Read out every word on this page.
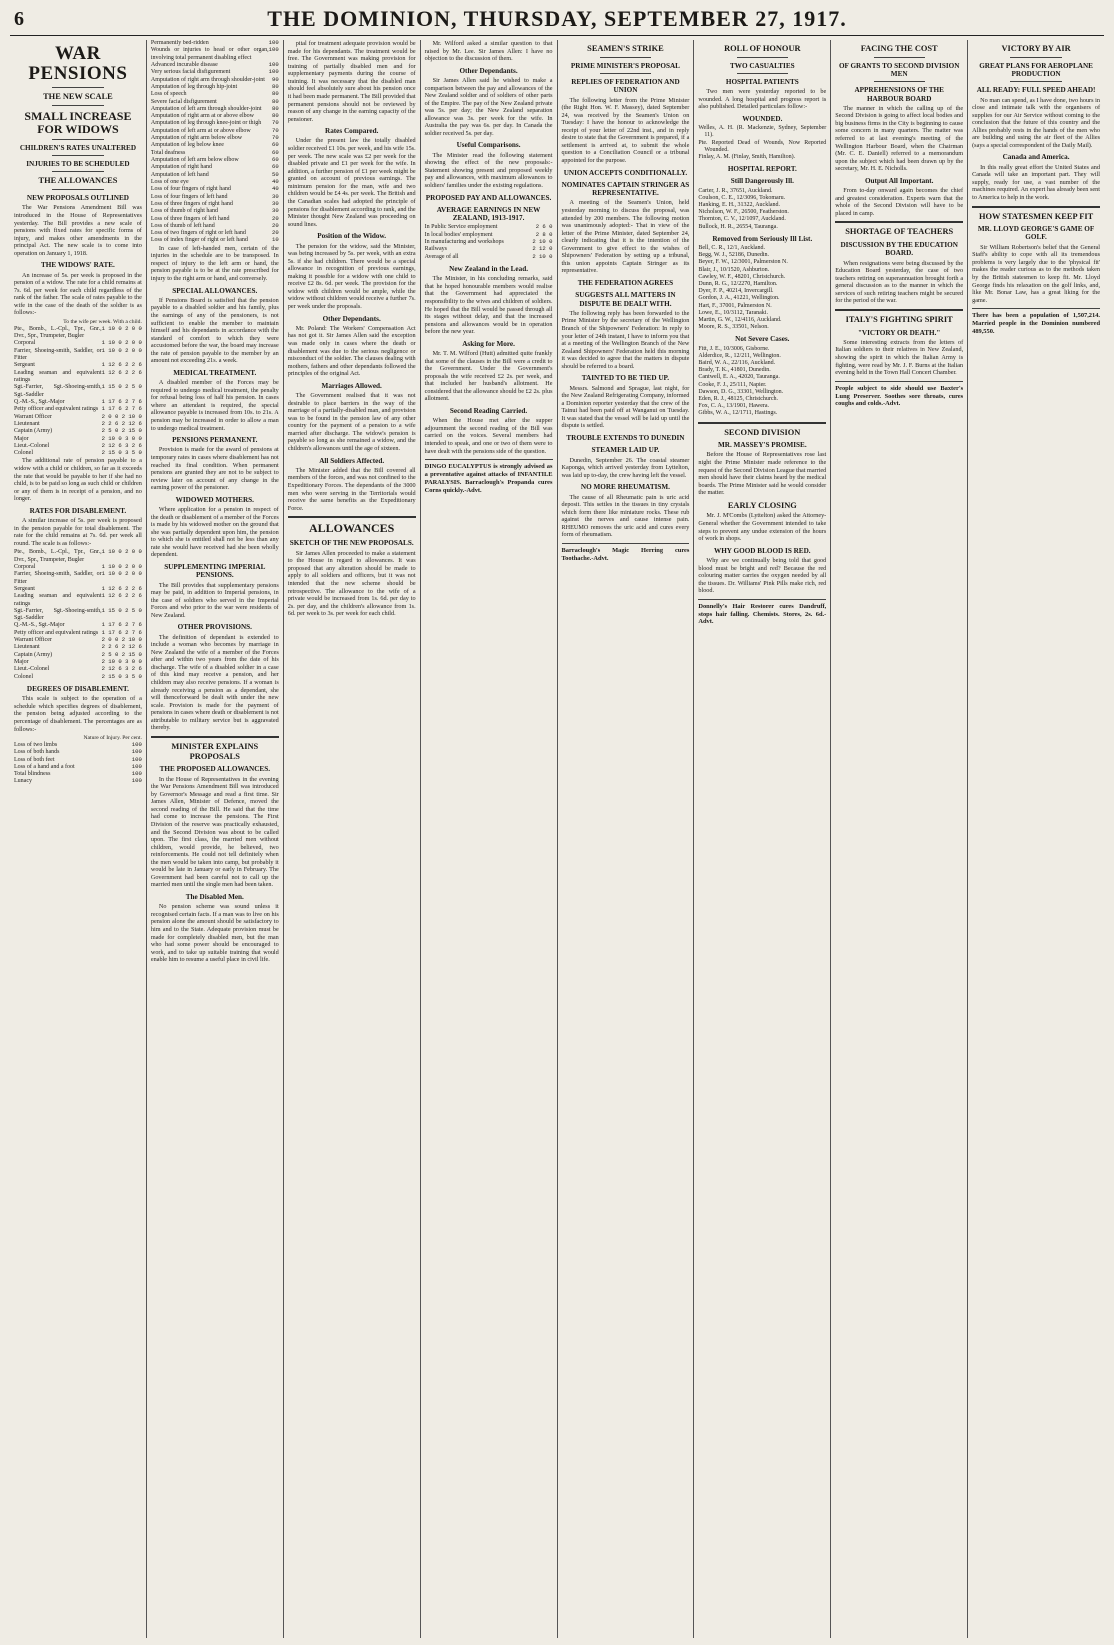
6	THE DOMINION, THURSDAY, SEPTEMBER 27, 1917.
WAR PENSIONS
THE NEW SCALE
SMALL INCREASE FOR WIDOWS
CHILDREN'S RATES UNALTERED
INJURIES TO BE SCHEDULED
THE ALLOWANCES
NEW PROPOSALS OUTLINED

The War Pensions Amendment Bill was introduced in the House of Representatives yesterday. The Bill provides a new scale of pensions with fixed rates for specific forms of injury, and makes other amendments in the principal Act. The new scale is to come into operation on January 1, 1918.

THE WIDOWS' RATE.

An increase of 5s. per week is proposed in the pension of a widow. The rate for a child remains at 7s. 6d. per week for each child regardless of the rank of the father. The scale of rates payable to the wife in the case of the death of the soldier is as follows:-

To the wife per week. With a child.
Pte., Bomb., L.-Cpl., Tpr., Gnr., Dvr., Spr., Trumpeter, Bugler	1 10 0 2 0 0
Corporal	1 10 0 2 0 0
Farrier, Shoeing-smith, Saddler, or Fitter	1 10 0 2 0 0
Sergeant	1 12 6 2 2 6
Leading seaman and equivalent ratings	1 12 6 2 2 6
Sgt.-Farrier, Sgt.-Shoeing-smith, Sgt.-Saddler	1 15 0 2 5 0
Q.-M.-S., Sgt.-Major	1 17 6 2 7 6
Petty officer and equivalent ratings	1 17 6 2 7 6
Warrant Officer	2 0 0 2 10 0
Lieutenant	2 2 6 2 12 6
Captain (Army)	2 5 0 2 15 0
Major	2 10 0 3 0 0
Lieut.-Colonel	2 12 6 3 2 6
Colonel	2 15 0 3 5 0

The additional rate of pension payable to a widow with a child or children, so far as it exceeds the rate that would be payable to her if she had no child, is to be paid so long as such child or children or any of them is in receipt of a pension, and no longer.

RATES FOR DISABLEMENT.

A similar increase of 5s. per week is proposed in the pension payable for total disablement. The rate for the child remains at 7s. 6d. per week all round. The scale is as follows:-

Pte., Bomb., L.-Cpl., Tpr., Gnr., Dvr., Spr., Trumpeter, Bugler	1 10 0 2 0 0
Corporal	1 10 0 2 0 0
Farrier, Shoeing-smith, Saddler, or Fitter	1 10 0 2 0 0
Sergeant	1 12 6 2 2 6
Leading seaman and equivalent ratings	1 12 6 2 2 6
Sgt.-Farrier, Sgt.-Shoeing-smith, Sgt.-Saddler	1 15 0 2 5 0
Q.-M.-S., Sgt.-Major	1 17 6 2 7 6
Petty officer and equivalent ratings	1 17 6 2 7 6
Warrant Officer	2 0 0 2 10 0
Lieutenant	2 2 6 2 12 6
Captain (Army)	2 5 0 2 15 0
Major	2 10 0 3 0 0
Lieut.-Colonel	2 12 6 3 2 6
Colonel	2 15 0 3 5 0
DEGREES OF DISABLEMENT.

This scale is subject to the operation of a schedule which specifies degrees of disablement, the pension being adjusted according to the percentage of disablement. The percentages are as follows:-

Nature of Injury. Per cent.
Loss of two limbs	100
Loss of both hands	100
Loss of both feet	100
Loss of a hand and a foot	100
Total blindness	100
Lunacy	100
Permanently bed-ridden	100
Wounds or injuries to head or other organ, involving total permanent disabling effect	100
Advanced incurable disease	100
Very serious facial disfigurement	100
Amputation of right arm through shoulder-joint	90
Amputation of leg through hip-joint	80
Loss of speech	80
Severe facial disfigurement	80
Amputation of left arm through shoulder-joint	80
Amputation of right arm at or above elbow	80
Amputation of leg through knee-joint or thigh	70
Amputation of left arm at or above elbow	70
Amputation of right arm below elbow	70
Amputation of leg below knee	60
Total deafness	60
Amputation of left arm below elbow	60
Amputation of right hand	60
Amputation of left hand	50
Loss of one eye	40
Loss of four fingers of right hand	40
Loss of four fingers of left hand	30
Loss of three fingers of right hand	30
Loss of thumb of right hand	30
Loss of three fingers of left hand	20
Loss of thumb of left hand	20
Loss of two fingers of right or left hand	20
Loss of index finger of right or left hand	10

In case of left-handed men, certain of the injuries in the schedule are to be transposed. In respect of injury to the left arm or hand, the pension payable is to be at the rate prescribed for injury to the right arm or hand, and conversely.

SPECIAL ALLOWANCES.

If Pensions Board is satisfied that the pension payable to a disabled soldier and his family, plus the earnings of any of the pensioners, is not sufficient to enable the member to maintain himself and his dependants in accordance with the standard of comfort to which they were accustomed before the war, the board may increase the rate of pension payable to the member by an amount not exceeding 21s. a week.

MEDICAL TREATMENT.

A disabled member of the Forces may be required to undergo medical treatment, the penalty for refusal being loss of half his pension. In cases where an attendant is required, the special allowance payable is increased from 10s. to 21s. A pension may be increased in order to allow a man to undergo medical treatment.

PENSIONS PERMANENT.

Provision is made for the award of pensions at temporary rates in cases where disablement has not reached its final condition. When permanent pensions are granted they are not to be subject to review later on account of any change in the earning power of the pensioner.

WIDOWED MOTHERS.

Where application for a pension in respect of the death or disablement of a member of the Forces is made by his widowed mother on the ground that she was partially dependent upon him, the pension to which she is entitled shall not be less than any rate she would have received had she been wholly dependent.

SUPPLEMENTING IMPERIAL PENSIONS.

The Bill provides that supplementary pensions may be paid, in addition to Imperial pensions, in the case of soldiers who served in the Imperial Forces and who prior to the war were residents of New Zealand.

OTHER PROVISIONS.

The definition of dependant is extended to include a woman who becomes by marriage in New Zealand the wife of a member of the Forces after and within two years from the date of his discharge. The wife of a disabled soldier in a case of this kind may receive a pension, and her children may also receive pensions. If a woman is already receiving a pension as a dependant, she will thenceforward be dealt with under the new scale. Provision is made for the payment of pensions in cases where death or disablement is not attributable to military service but is aggravated thereby.

MINISTER EXPLAINS PROPOSALS
THE PROPOSED ALLOWANCES.

In the House of Representatives in the evening the War Pensions Amendment Bill was introduced by Governor's Message and read a first time. Sir James Allen, Minister of Defence, moved the second reading of the Bill. He said that the time had come to increase the pensions. The First Division of the reserve was practically exhausted, and the Second Division was about to be called upon. The first class, the married men without children, would provide, he believed, two reinforcements. He could not tell definitely when the men would be taken into camp, but probably it would be late in January or early in February. The Government had been careful not to call up the married men until the single men had been taken.

The Disabled Men.

No pension scheme was sound unless it recognised certain facts. If a man was to live on his pension alone the amount should be satisfactory to him and to the State. Adequate provision must be made for completely disabled men, but the man who had some power should be encouraged to work, and to take up suitable training that would enable him to resume a useful place in civil life.

pital for treatment adequate provision would be made for his dependants. The treatment would be free. The Government was making provision for training of partially disabled men and for supplementary payments during the course of training. It was necessary that the disabled man should feel absolutely sure about his pension once it had been made permanent. The Bill provided that permanent pensions should not be reviewed by reason of any change in the earning capacity of the pensioner.

Rates Compared.

Under the present law the totally disabled soldier received £1 10s. per week, and his wife 15s. per week. The new scale was £2 per week for the disabled private and £1 per week for the wife. In addition, a further pension of £1 per week might be granted on account of previous earnings. The minimum pension for the man, wife and two children would be £4 4s. per week. The British and the Canadian scales had adopted the principle of pensions for disablement according to rank, and the Minister thought New Zealand was proceeding on sound lines.

Position of the Widow.

The pension for the widow, said the Minister, was being increased by 5s. per week, with an extra 5s. if she had children. There would be a special allowance in recognition of previous earnings, making it possible for a widow with one child to receive £2 8s. 6d. per week. The provision for the widow with children would be ample, while the widow without children would receive a further 7s. per week under the proposals.

Other Dependants.

Mr. Poland: The Workers' Compensation Act has not got it. Sir James Allen said the exception was made only in cases where the death or disablement was due to the serious negligence or misconduct of the soldier. The clauses dealing with mothers, fathers and other dependants followed the principles of the original Act.

Marriages Allowed.

The Government realised that it was not desirable to place barriers in the way of the marriage of a partially-disabled man, and provision was to be found in the pension law of any other country for the payment of a pension to a wife married after discharge. The widow's pension is payable so long as she remained a widow, and the children's allowances until the age of sixteen.

All Soldiers Affected.

The Minister added that the Bill covered all members of the forces, and was not confined to the Expeditionary Forces. The dependants of the 3000 men who were serving in the Territorials would receive the same benefits as the Expeditionary Force.

ALLOWANCES
SKETCH OF THE NEW PROPOSALS.

Sir James Allen proceeded to make a statement to the House in regard to allowances. It was proposed that any alteration should be made to apply to all soldiers and officers, but it was not intended that the new scheme should be retrospective. The allowance to the wife of a private would be increased from 1s. 6d. per day to 2s. per day, and the children's allowance from 1s. 6d. per week to 3s. per week for each child.

Mr. Wilford asked a similar question to that raised by Mr. Lee. Sir James Allen: I have no objection to the discussion of them.

Other Dependants.

Sir James Allen said he wished to make a comparison between the pay and allowances of the New Zealand soldier and of soldiers of other parts of the Empire. The pay of the New Zealand private was 5s. per day; the New Zealand separation allowance was 3s. per week for the wife. In Australia the pay was 6s. per day. In Canada the soldier received 5s. per day.

Useful Comparisons.

The Minister read the following statement showing the effect of the new proposals:- Statement showing present and proposed weekly pay and allowances, with maximum allowances to soldiers' families under the existing regulations.

PROPOSED PAY AND ALLOWANCES.
AVERAGE EARNINGS IN NEW ZEALAND, 1913-1917.
In Public Service employment	2 6 0
In local bodies' employment	2 8 0
In manufacturing and workshops	2 10 0
Railways	2 12 0
Average of all	2 10 0
New Zealand in the Lead.

The Minister, in his concluding remarks, said that he hoped honourable members would realise that the Government had appreciated the responsibility to the wives and children of soldiers. He hoped that the Bill would be passed through all its stages without delay, and that the increased pensions and allowances would be in operation before the new year.

Asking for More.

Mr. T. M. Wilford (Hutt) admitted quite frankly that some of the clauses in the Bill were a credit to the Government. Under the Government's proposals the wife received £2 2s. per week, and that included her husband's allotment. He considered that the allowance should be £2 2s. plus allotment.

Second Reading Carried.

When the House met after the supper adjournment the second reading of the Bill was carried on the voices. Several members had intended to speak, and one or two of them were to have dealt with the pensions side of the question.

DINGO EUCALYPTUS is strongly advised as a preventative against attacks of INFANTILE PARALYSIS. Barraclough's Propanda cures Corns quickly.-Advt.

SEAMEN'S STRIKE
PRIME MINISTER'S PROPOSAL
REPLIES OF FEDERATION AND UNION

The following letter from the Prime Minister (the Right Hon. W. F. Massey), dated September 24, was received by the Seamen's Union on Tuesday: I have the honour to acknowledge the receipt of your letter of 22nd inst., and in reply desire to state that the Government is prepared, if a settlement is arrived at, to submit the whole question to a Conciliation Council or a tribunal appointed for the purpose.

UNION ACCEPTS CONDITIONALLY.
NOMINATES CAPTAIN STRINGER AS REPRESENTATIVE.

A meeting of the Seamen's Union, held yesterday morning to discuss the proposal, was attended by 200 members. The following motion was unanimously adopted:- That in view of the letter of the Prime Minister, dated September 24, clearly indicating that it is the intention of the Government to give effect to the wishes of Shipowners' Federation by setting up a tribunal, this union appoints Captain Stringer as its representative.

THE FEDERATION AGREES
SUGGESTS ALL MATTERS IN DISPUTE BE DEALT WITH.

The following reply has been forwarded to the Prime Minister by the secretary of the Wellington Branch of the Shipowners' Federation: In reply to your letter of 24th instant, I have to inform you that at a meeting of the Wellington Branch of the New Zealand Shipowners' Federation held this morning it was decided to agree that the matters in dispute should be referred to a board.

TAINTED TO BE TIED UP.

Messrs. Salmond and Sprague, last night, for the New Zealand Refrigerating Company, informed a Dominion reporter yesterday that the crew of the Tainui had been paid off at Wanganui on Tuesday. It was stated that the vessel will be laid up until the dispute is settled.

TROUBLE EXTENDS TO DUNEDIN
STEAMER LAID UP.

Dunedin, September 26. The coastal steamer Kaponga, which arrived yesterday from Lyttelton, was laid up to-day, the crew having left the vessel.

NO MORE RHEUMATISM.

The cause of all Rheumatic pain is uric acid deposit. This settles in the tissues in tiny crystals which form there like miniature rocks. These rub against the nerves and cause intense pain. RHEUMO removes the uric acid and cures every form of rheumatism.

Barraclough's Magic Herring cures Toothache.-Advt.

ROLL OF HONOUR
TWO CASUALTIES
HOSPITAL PATIENTS

Two men were yesterday reported to be wounded. A long hospital and progress report is also published. Detailed particulars follow:-

WOUNDED.
Welles, A. H. (R. Mackenzie, Sydney, September 11).
Pte. Reported Dead of Wounds, Now Reported Wounded.
Finlay, A. M. (Finlay, Smith, Hamilton).
HOSPITAL REPORT.
Still Dangerously Ill.
Carter, J. R., 37651, Auckland.
Coulson, C. E., 12/3096, Tokomaru.
Hanking, E. H., 31322, Auckland.
Nicholson, W. F., 26500, Featherston.
Thornton, C. V., 12/1097, Auckland.
Bullock, H. R., 26554, Tauranga.
Removed from Seriously Ill List.
Bell, C. R., 12/1, Auckland.
Begg, W. J., 52186, Dunedin.
Beyer, F. W., 12/3001, Palmerston N.
Blair, J., 10/1520, Ashburton.
Cawley, W. F., 48201, Christchurch.
Dunn, R. G., 12/2270, Hamilton.
Dyer, F. P., 40214, Invercargill.
Gordon, J. A., 41221, Wellington.
Hart, F., 37001, Palmerston N.
Lowe, E., 10/3112, Taranaki.
Martin, G. W., 12/4116, Auckland.
Moore, R. S., 33501, Nelson.
Not Severe Cases.
Fitt, J. E., 10/3006, Gisborne.
Alderdice, R., 12/211, Wellington.
Baird, W. A., 22/116, Auckland.
Brady, T. K., 41801, Dunedin.
Cantwell, E. A., 42020, Tauranga.
Cooke, F. J., 25/111, Napier.
Dawson, D. G., 33301, Wellington.
Eden, R. J., 48125, Christchurch.
Fox, C. A., 13/1901, Hawera.
Gibbs, W. A., 12/1711, Hastings.
SECOND DIVISION
MR. MASSEY'S PROMISE.

Before the House of Representatives rose last night the Prime Minister made reference to the request of the Second Division League that married men should have their claims heard by the medical boards. The Prime Minister said he would consider the matter.

EARLY CLOSING

Mr. J. M'Combs (Lyttelton) asked the Attorney-General whether the Government intended to take steps to prevent any undue extension of the hours of work in shops.

WHY GOOD BLOOD IS RED.

Why are we continually being told that good blood must be bright and red? Because the red colouring matter carries the oxygen needed by all the tissues. Dr. Williams' Pink Pills make rich, red blood.

Donnelly's Hair Restorer cures Dandruff, stops hair falling. Chemists. Stores, 2s. 6d.-Advt.

FACING THE COST
OF GRANTS TO SECOND DIVISION MEN
APPREHENSIONS OF THE HARBOUR BOARD

The manner in which the calling up of the Second Division is going to affect local bodies and big business firms in the City is beginning to cause some concern in many quarters. The matter was referred to at last evening's meeting of the Wellington Harbour Board, when the Chairman (Mr. C. E. Daniell) referred to a memorandum upon the subject which had been drawn up by the secretary, Mr. H. E. Nicholls.

Output All Important.

From to-day onward again becomes the chief and greatest consideration. Experts warn that the whole of the Second Division will have to be placed in camp.

SHORTAGE OF TEACHERS
DISCUSSION BY THE EDUCATION BOARD.

When resignations were being discussed by the Education Board yesterday, the case of two teachers retiring on superannuation brought forth a general discussion as to the manner in which the services of such retiring teachers might be secured for the period of the war.

ITALY'S FIGHTING SPIRIT
"VICTORY OR DEATH."

Some interesting extracts from the letters of Italian soldiers to their relatives in New Zealand, showing the spirit in which the Italian Army is fighting, were read by Mr. J. F. Burns at the Italian evening held in the Town Hall Concert Chamber.

People subject to side should use Baxter's Lung Preserver. Soothes sore throats, cures coughs and colds.-Advt.

VICTORY BY AIR
GREAT PLANS FOR AEROPLANE PRODUCTION
ALL READY: FULL SPEED AHEAD!

No man can spend, as I have done, two hours in close and intimate talk with the organisers of supplies for our Air Service without coming to the conclusion that the future of this country and the Allies probably rests in the hands of the men who are building and using the air fleet of the Allies (says a special correspondent of the Daily Mail).

Canada and America.

In this really great effort the United States and Canada will take an important part. They will supply, ready for use, a vast number of the machines required. An expert has already been sent to America to help in the work.

HOW STATESMEN KEEP FIT
MR. LLOYD GEORGE'S GAME OF GOLF.

Sir William Robertson's belief that the General Staff's ability to cope with all its tremendous problems is very largely due to the 'physical fit' makes the reader curious as to the methods taken by the British statesmen to keep fit. Mr. Lloyd George finds his relaxation on the golf links, and, like Mr. Bonar Law, has a great liking for the game.

There has been a population of 1,507,214. Married people in the Dominion numbered 489,550.
